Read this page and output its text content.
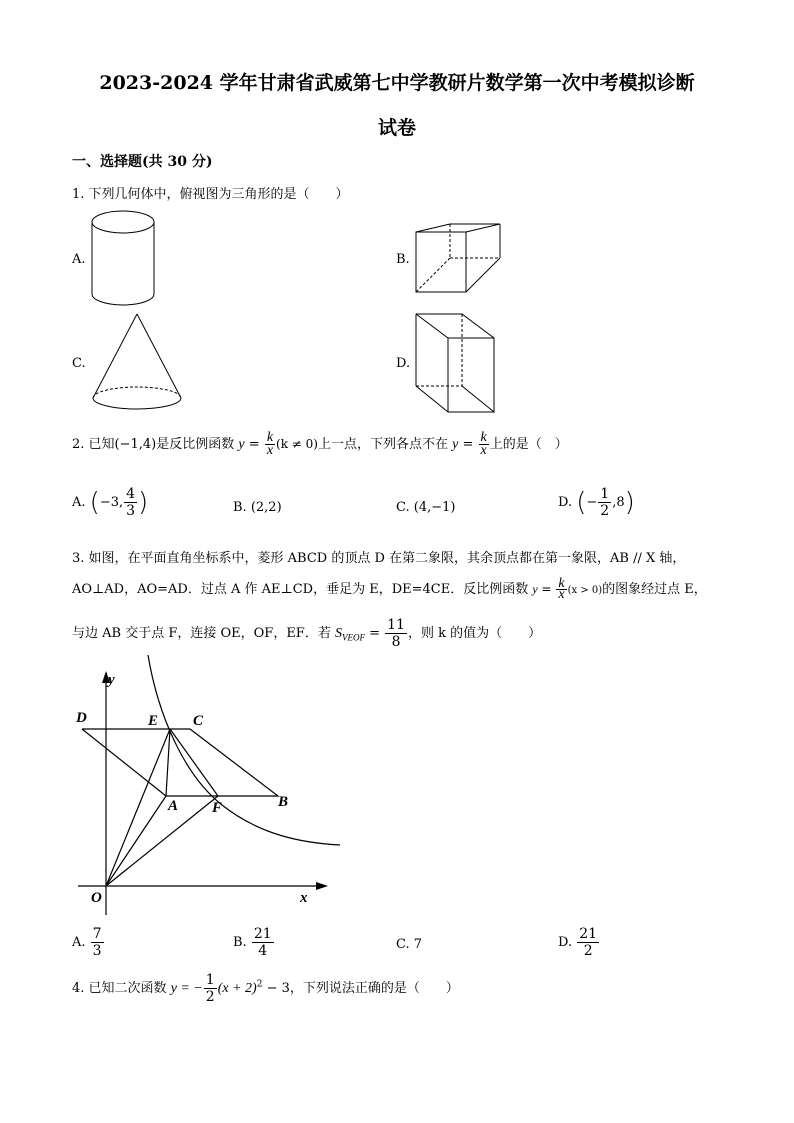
2023-2024 学年甘肃省武威第七中学教研片数学第一次中考模拟诊断
试卷
一、选择题(共 30 分)
1. 下列几何体中，俯视图为三角形的是（　　）
A.	B.
C.	D.
2. 已知(−1,4)是反比例函数 $y = \frac{k}{x} (k \ne 0)$上一点，下列各点不在 $y = \frac{k}{x}$ 上的是（　）
A. (−3, $\frac{4}{3}$ )	B. (2,2)	C. (4,−1)	D. (− $\frac{1}{2} ,8$)
3. 如图，在平面直角坐标系中，菱形 ABCD 的顶点 D 在第二象限，其余顶点都在第一象限，AB // X 轴，
AO⊥AD，AO=AD．过点 A 作 AE⊥CD，垂足为 E，DE=4CE．反比例函数 $y = \frac{k}{x} (x > 0)$的图象经过点 E，
与边 AB 交于点 F，连接 OE，OF，EF．若 $S_{VEOF} = \frac{11}{8}$ ，则 k 的值为（　　）
D	E C
A F	B
O	x
y
A. $\frac{7}{3}$	B. $\frac{21}{4}$	C. 7	D. $\frac{21}{2}$
4. 已知二次函数 y = − $\frac{1}{2} (x + 2)^2 - 3$，下列说法正确的是（　　）
